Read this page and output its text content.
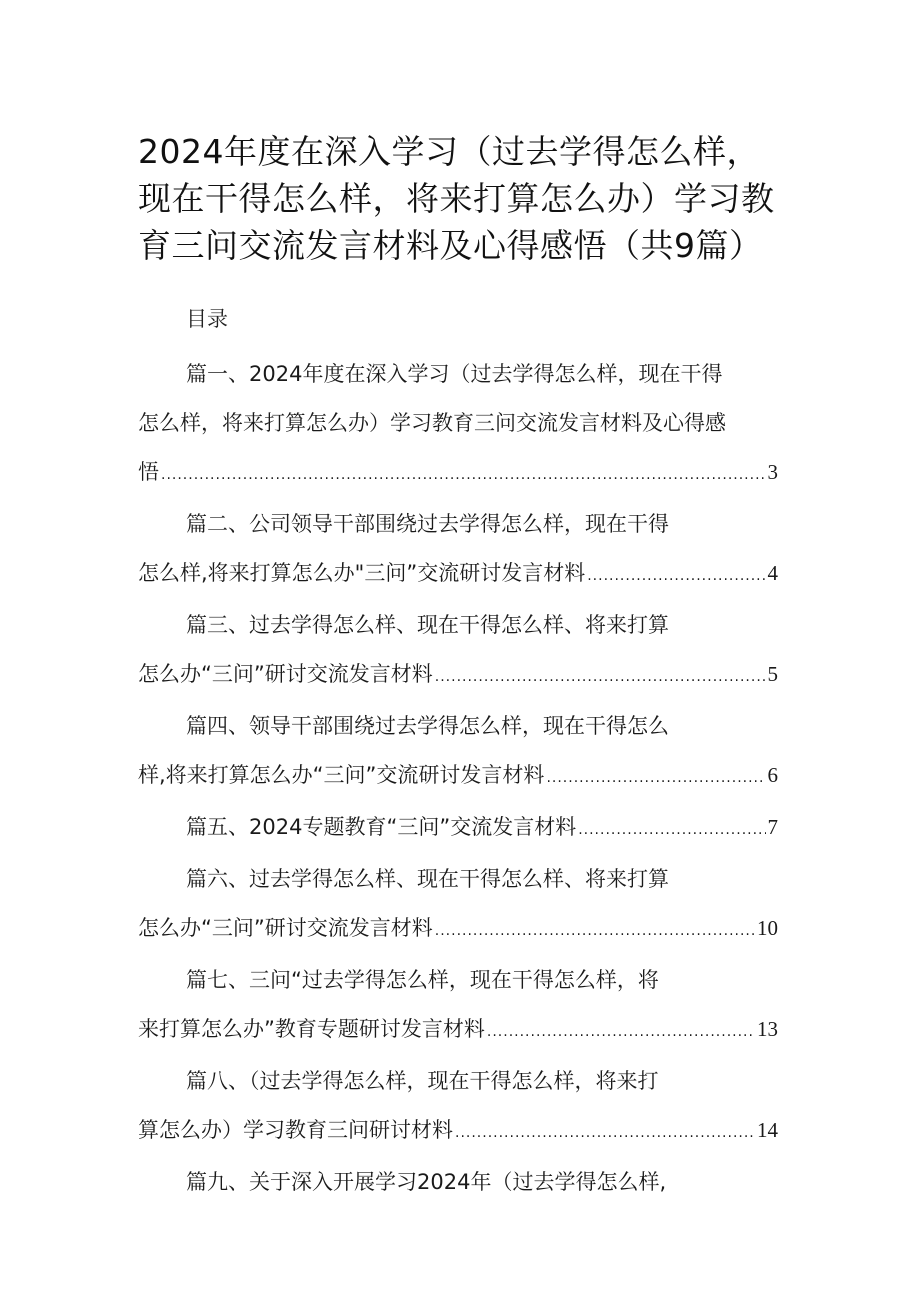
2024年度在深入学习（过去学得怎么样，现在干得怎么样，将来打算怎么办）学习教育三问交流发言材料及心得感悟（共9篇）
目录
篇一、2024年度在深入学习（过去学得怎么样，现在干得
怎么样，将来打算怎么办）学习教育三问交流发言材料及心得感
悟 .....	3
篇二、公司领导干部围绕过去学得怎么样，现在干得
怎么样,将来打算怎么办"三问”交流研讨发言材料 .....	4
篇三、过去学得怎么样、现在干得怎么样、将来打算
怎么办“三问”研讨交流发言材料 .....	5
篇四、领导干部围绕过去学得怎么样，现在干得怎么
样,将来打算怎么办“三问”交流研讨发言材料 .....	6
篇五、2024专题教育“三问”交流发言材料 .....	7
篇六、过去学得怎么样、现在干得怎么样、将来打算
怎么办“三问”研讨交流发言材料 .....	10
篇七、三问“过去学得怎么样，现在干得怎么样，将
来打算怎么办”教育专题研讨发言材料 .....	13
篇八、（过去学得怎么样，现在干得怎么样，将来打
算怎么办）学习教育三问研讨材料 .....	14
篇九、关于深入开展学习2024年（过去学得怎么样,
